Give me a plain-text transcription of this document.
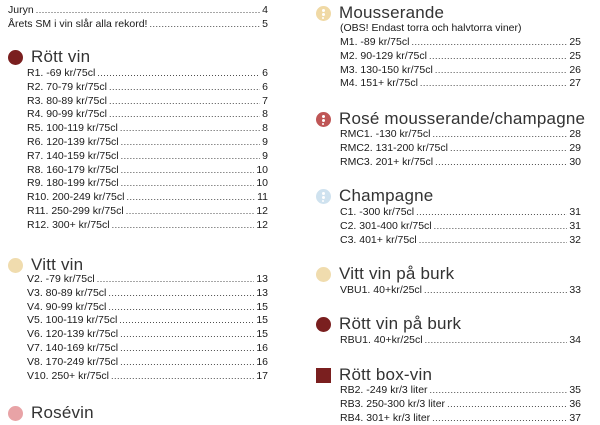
Juryn .....	4
Årets SM i vin slår alla rekord! .....	5
Rött vin
R1. -69 kr/75cl .....	6
R2. 70-79 kr/75cl .....	6
R3. 80-89 kr/75cl .....	7
R4. 90-99 kr/75cl .....	8
R5. 100-119 kr/75cl .....	8
R6. 120-139 kr/75cl .....	9
R7. 140-159 kr/75cl .....	9
R8. 160-179 kr/75cl .....	10
R9. 180-199 kr/75cl .....	10
R10. 200-249 kr/75cl .....	11
R11. 250-299 kr/75cl .....	12
R12. 300+ kr/75cl .....	12
Vitt vin
V2. -79 kr/75cl .....	13
V3. 80-89 kr/75cl .....	13
V4. 90-99 kr/75cl .....	15
V5. 100-119 kr/75cl .....	15
V6. 120-139 kr/75cl .....	15
V7. 140-169 kr/75cl .....	16
V8. 170-249 kr/75cl .....	16
V10. 250+ kr/75cl .....	17
Rosévin
Mousserande
(OBS! Endast torra och halvtorra viner)
M1. -89 kr/75cl .....	25
M2. 90-129 kr/75cl .....	25
M3. 130-150 kr/75cl .....	26
M4. 151+ kr/75cl .....	27
Rosé mousserande/champagne
RMC1. -130 kr/75cl .....	28
RMC2. 131-200 kr/75cl .....	29
RMC3. 201+ kr/75cl .....	30
Champagne
C1. -300 kr/75cl .....	31
C2. 301-400 kr/75cl .....	31
C3. 401+ kr/75cl .....	32
Vitt vin på burk
VBU1. 40+kr/25cl .....	33
Rött vin på burk
RBU1. 40+kr/25cl .....	34
Rött box-vin
RB2. -249 kr/3 liter .....	35
RB3. 250-300 kr/3 liter .....	36
RB4. 301+ kr/3 liter .....	37
